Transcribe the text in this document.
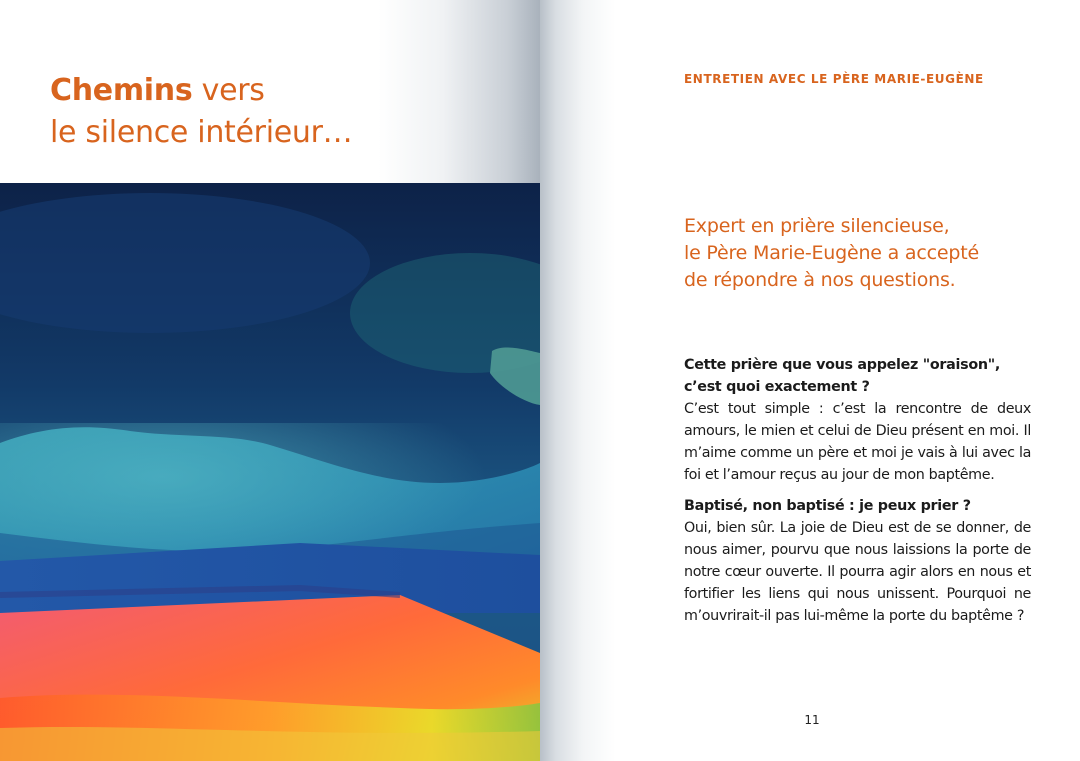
Chemins vers
le silence intérieur…

ENTRETIEN AVEC LE PÈRE MARIE-EUGÈNE

Expert en prière silencieuse,
le Père Marie-Eugène a accepté
de répondre à nos questions.

Cette prière que vous appelez "oraison", c’est quoi exactement ?

C’est tout simple : c’est la rencontre de deux amours, le mien et celui de Dieu présent en moi. Il m’aime comme un père et moi je vais à lui avec la foi et l’amour reçus au jour de mon baptême.

Baptisé, non baptisé : je peux prier ?

Oui, bien sûr. La joie de Dieu est de se donner, de nous aimer, pourvu que nous laissions la porte de notre cœur ouverte. Il pourra agir alors en nous et fortifier les liens qui nous unissent. Pourquoi ne m’ouvrirait-il pas lui-même la porte du baptême ?

11
